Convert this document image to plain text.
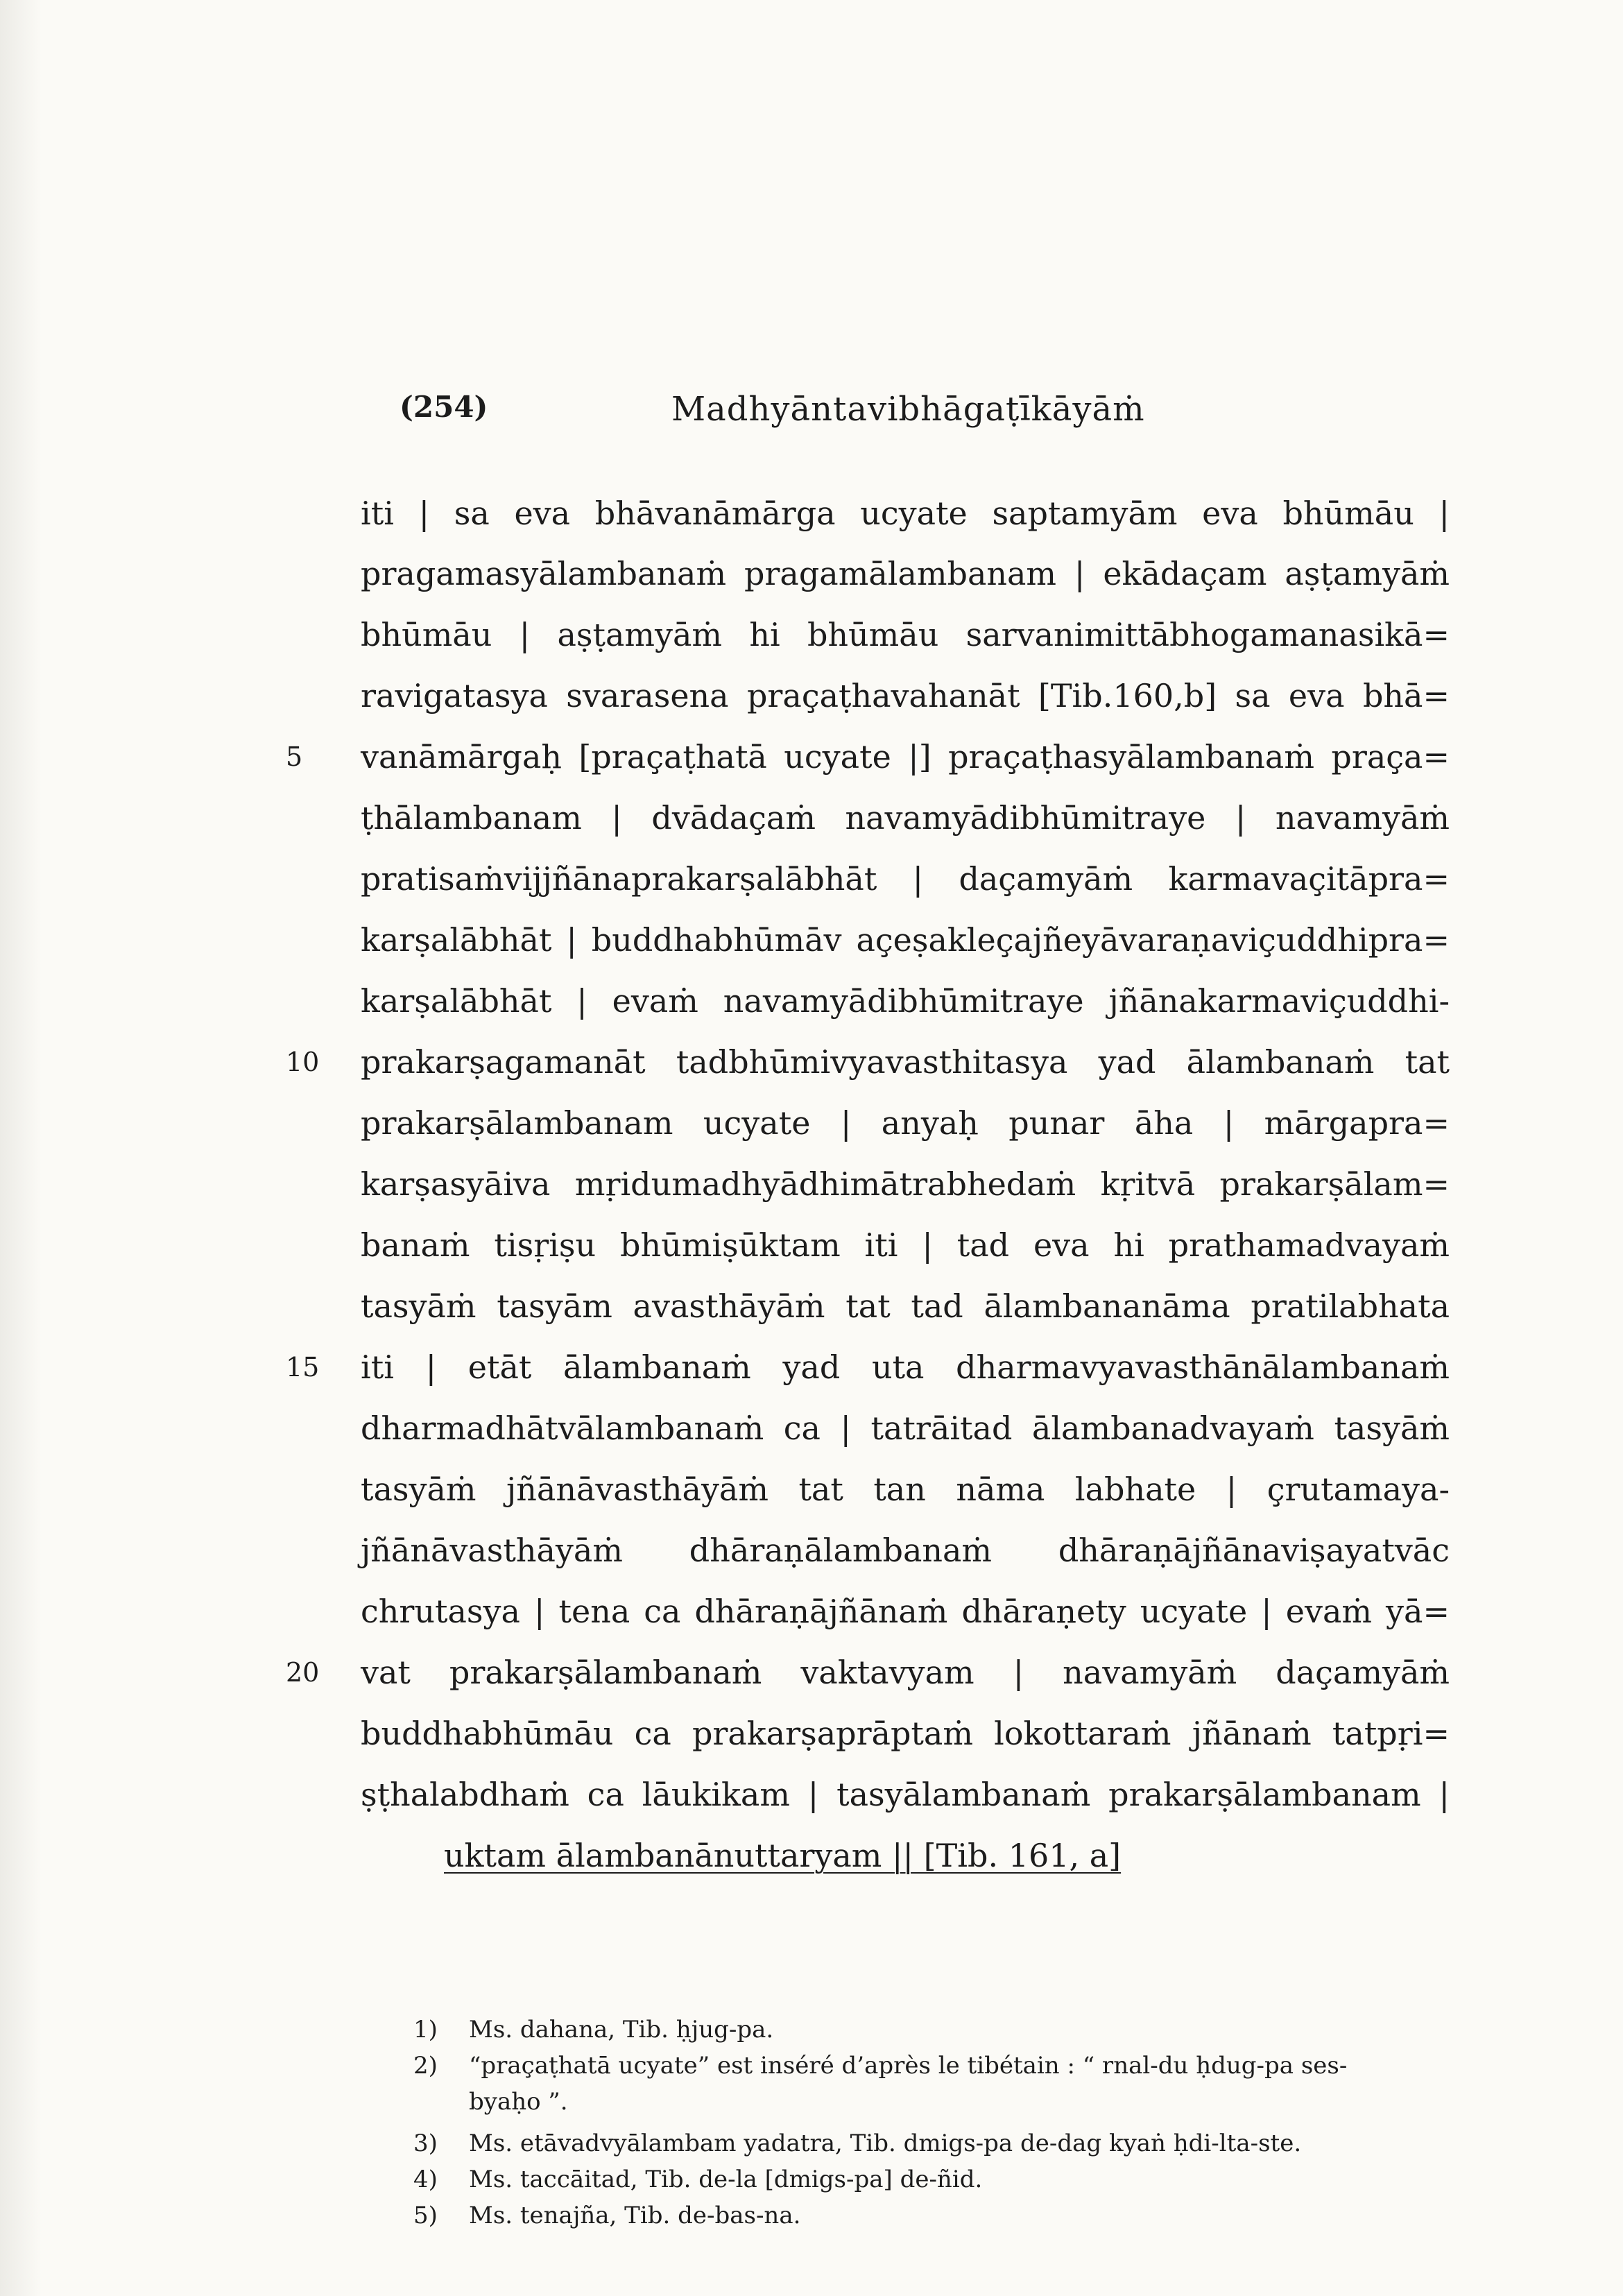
(254)	Madhyāntavibhāgaṭīkāyāṁ
iti | sa eva bhāvanāmārga ucyate saptamyām eva bhūmāu |
pragamasyālambanaṁ pragamālambanam | ekādaçam aṣṭamyāṁ
bhūmāu | aṣṭamyāṁ hi bhūmāu sarvanimittābhogamanasikā=
ravigatasya svarasena praçaṭhavahanāt [Tib.160,b] sa eva bhā=
vanāmārgaḥ [praçaṭhatā ucyate |] praçaṭhasyālambanaṁ praça=
ṭhālambanam | dvādaçaṁ navamyādibhūmitraye | navamyāṁ
pratisaṁvijjñānaprakarṣalābhāt | daçamyāṁ karmavaçitāpra=
karṣalābhāt | buddhabhūmāv açeṣakleçajñeyāvaraṇaviçuddhipra=
karṣalābhāt | evaṁ navamyādibhūmitraye jñānakarmaviçuddhi-
prakarṣagamanāt tadbhūmivyavasthitasya yad ālambanaṁ tat
prakarṣālambanam ucyate | anyaḥ punar āha | mārgapra=
karṣasyāiva mṛidumadhyādhimātrabhedaṁ kṛitvā prakarṣālam=
banaṁ tisṛiṣu bhūmiṣūktam iti | tad eva hi prathamadvayaṁ
tasyāṁ tasyām avasthāyāṁ tat tad ālambananāma pratilabhata
iti | etāt ālambanaṁ yad uta dharmavyavasthānālambanaṁ
dharmadhātvālambanaṁ ca | tatrāitad ālambanadvayaṁ tasyāṁ
tasyāṁ jñānāvasthāyāṁ tat tan nāma labhate | çrutamaya-
jñānāvasthāyāṁ dhāraṇālambanaṁ dhāraṇājñānaviṣayatvāc
chrutasya | tena ca dhāraṇājñānaṁ dhāraṇety ucyate | evaṁ yā=
vat prakarṣālambanaṁ vaktavyam | navamyāṁ daçamyāṁ
buddhabhūmāu ca prakarṣaprāptaṁ lokottaraṁ jñānaṁ tatpṛi=
ṣṭhalabdhaṁ ca lāukikam | tasyālambanaṁ prakarṣālambanam |
uktam ālambanānuttaryam || [Tib. 161, a]
5
10
15
20
1) Ms. dahana, Tib. ḥjug-pa.
2) “praçaṭhatā ucyate” est inséré d’après le tibétain : “ rnal-du ḥdug-pa ses-
byaḥo ”.
3) Ms. etāvadvyālambam yadatra, Tib. dmigs-pa de-dag kyaṅ ḥdi-lta-ste.
4) Ms. taccāitad, Tib. de-la [dmigs-pa] de-ñid.
5) Ms. tenajña, Tib. de-bas-na.
